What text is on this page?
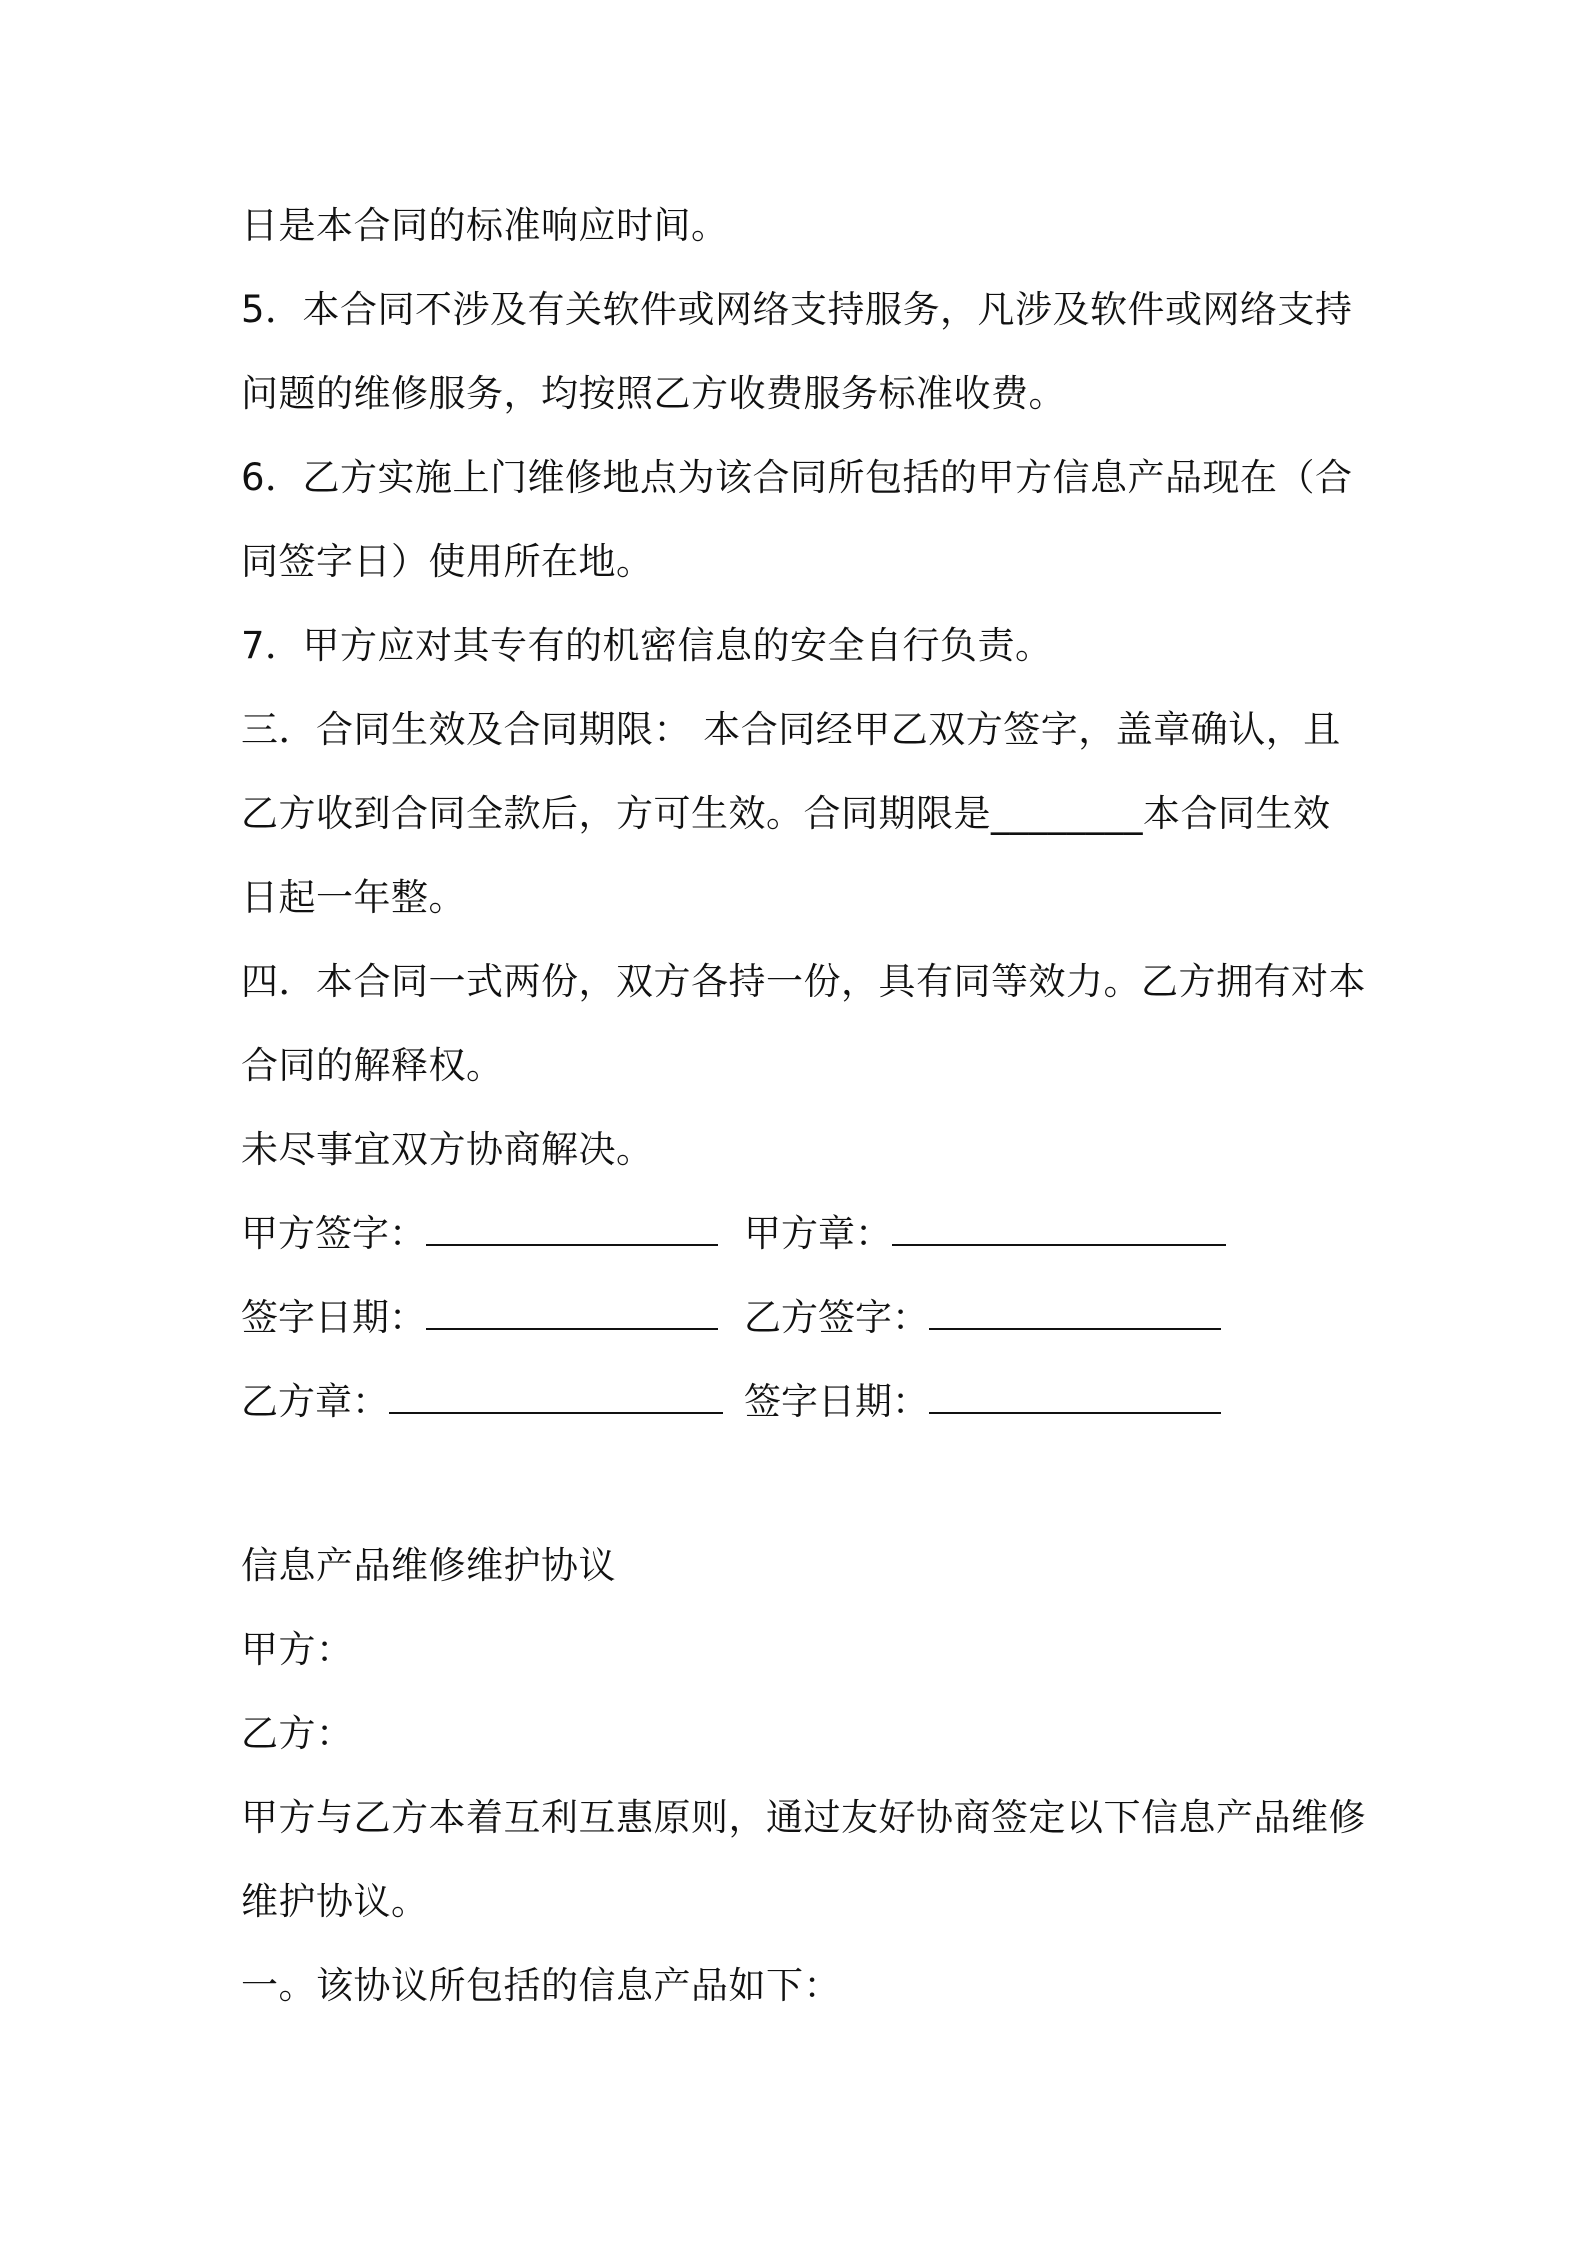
日是本合同的标准响应时间。
5．本合同不涉及有关软件或网络支持服务，凡涉及软件或网络支持
问题的维修服务，均按照乙方收费服务标准收费。
6．乙方实施上门维修地点为该合同所包括的甲方信息产品现在（合
同签字日）使用所在地。
7．甲方应对其专有的机密信息的安全自行负责。
三．合同生效及合同期限： 本合同经甲乙双方签字，盖章确认，且
乙方收到合同全款后，方可生效。合同期限是________本合同生效
日起一年整。
四．本合同一式两份，双方各持一份，具有同等效力。乙方拥有对本
合同的解释权。
未尽事宜双方协商解决。
甲方签字：	甲方章：
签字日期：	乙方签字：
乙方章：	签字日期：
信息产品维修维护协议
甲方：
乙方：
甲方与乙方本着互利互惠原则，通过友好协商签定以下信息产品维修
维护协议。
一。该协议所包括的信息产品如下：
